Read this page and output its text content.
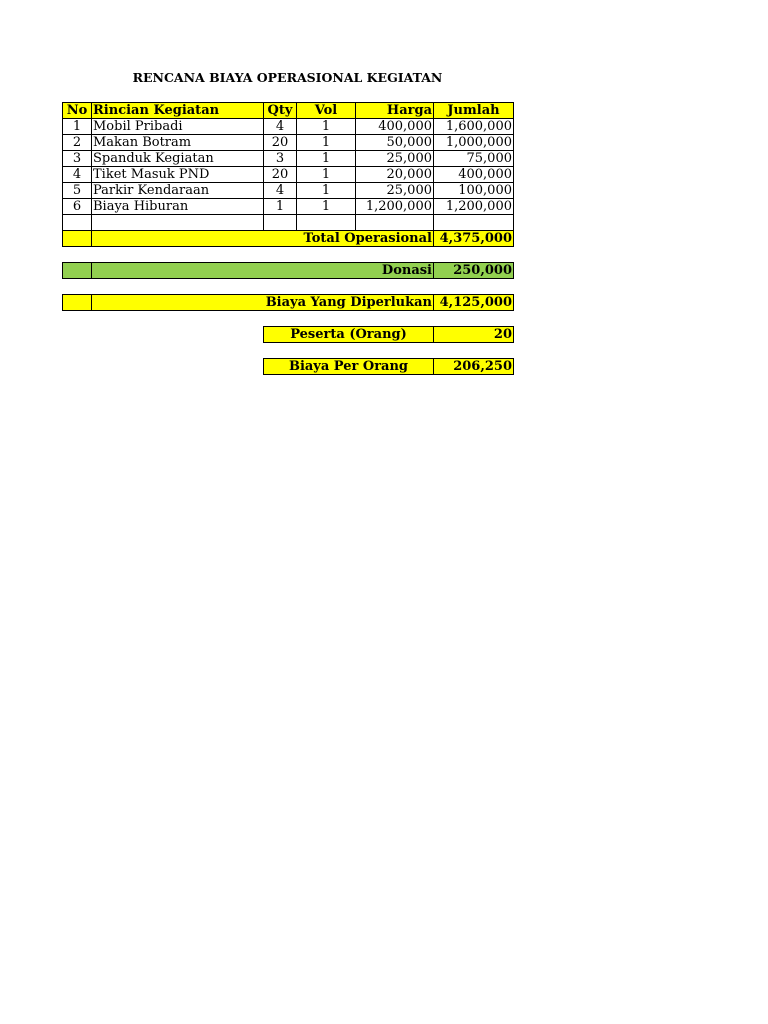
RENCANA BIAYA OPERASIONAL KEGIATAN
No	Rincian Kegiatan	Qty	Vol	Harga	Jumlah
1	Mobil Pribadi	4	1	400,000	1,600,000
2	Makan Botram	20	1	50,000	1,000,000
3	Spanduk Kegiatan	3	1	25,000	75,000
4	Tiket Masuk PND	20	1	20,000	400,000
5	Parkir Kendaraan	4	1	25,000	100,000
6	Biaya Hiburan	1	1	1,200,000	1,200,000

	Total Operasional				4,375,000
	Donasi	250,000
	Biaya Yang Diperlukan	4,125,000
Peserta (Orang)	20
Biaya Per Orang	206,250
